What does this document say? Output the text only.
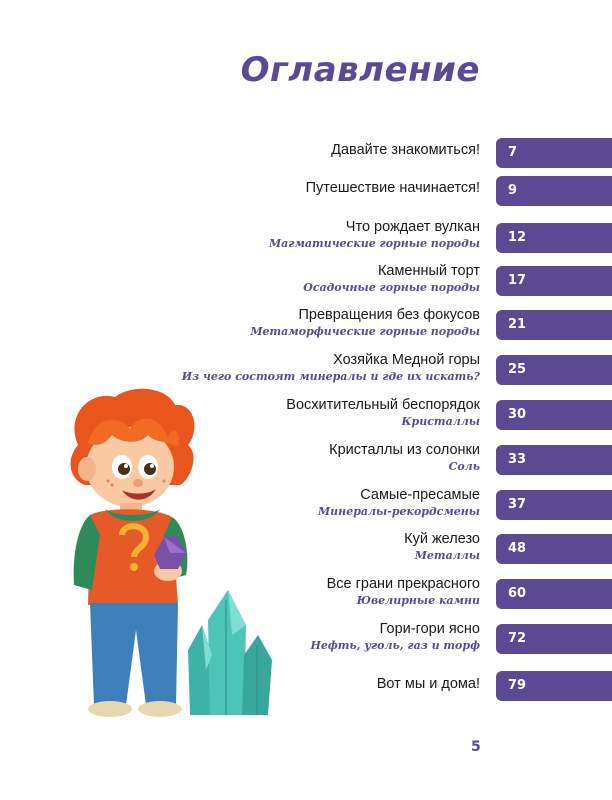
Оглавление
Давайте знакомиться!	7
Путешествие начинается!	9
Что рождает вулкан
Магматические горные породы	12
Каменный торт
Осадочные горные породы	17
Превращения без фокусов
Метаморфические горные породы	21
Хозяйка Медной горы
Из чего состоят минералы и где их искать?	25
Восхитительный беспорядок
Кристаллы	30
Кристаллы из солонки
Соль	33
Самые-пресамые
Минералы-рекордсмены	37
Куй железо
Металлы	48
Все грани прекрасного
Ювелирные камни	60
Гори-гори ясно
Нефть, уголь, газ и торф	72
Вот мы и дома!	79
5
